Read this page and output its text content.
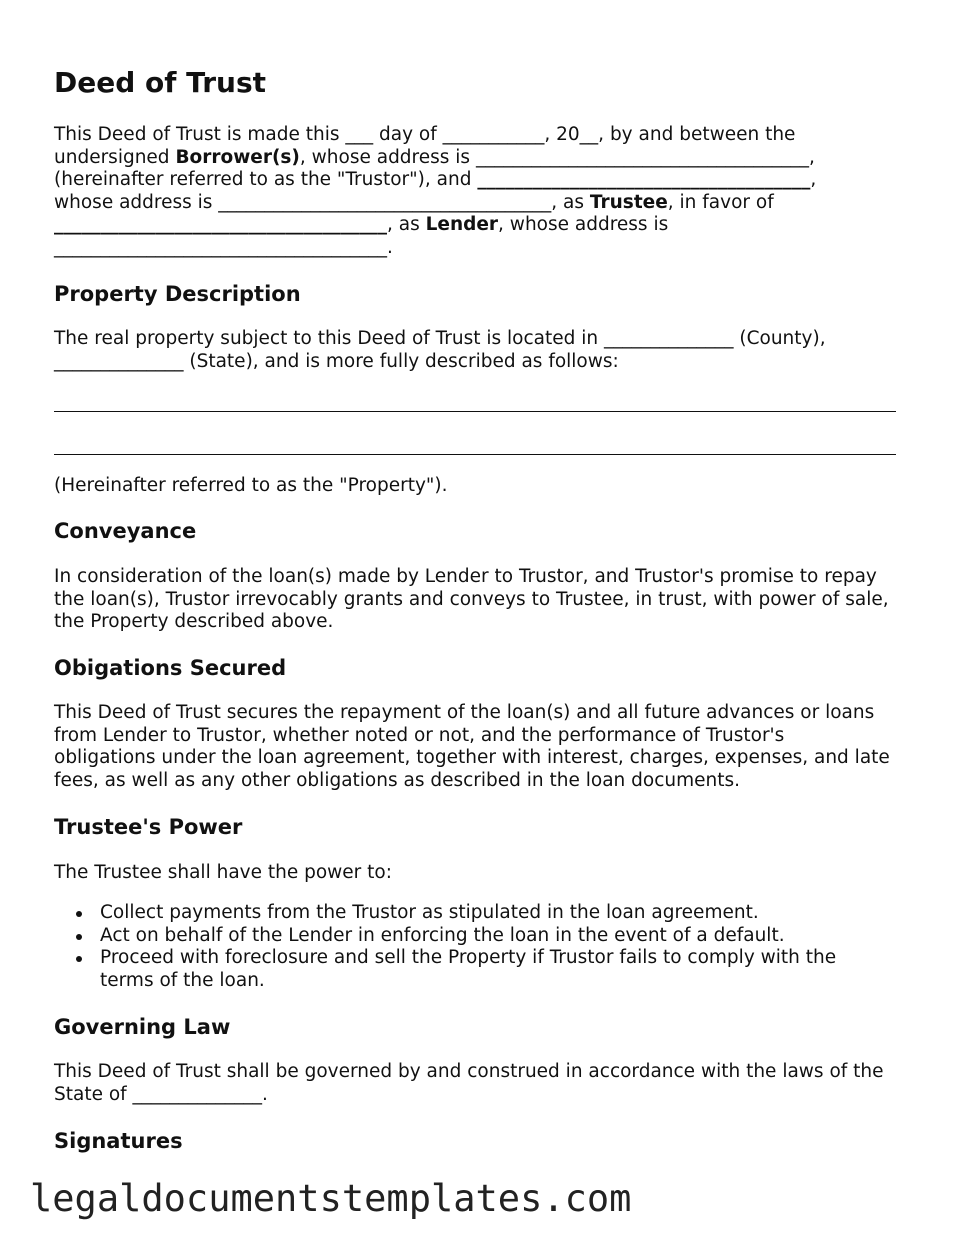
Deed of Trust
This Deed of Trust is made this ___ day of ___________, 20__, by and between the
undersigned Borrower(s), whose address is ____________________________________,
(hereinafter referred to as the "Trustor"), and ____________________________________,
whose address is ____________________________________, as Trustee, in favor of
____________________________________, as Lender, whose address is
____________________________________.
Property Description
The real property subject to this Deed of Trust is located in ______________ (County),
______________ (State), and is more fully described as follows:
(Hereinafter referred to as the "Property").
Conveyance
In consideration of the loan(s) made by Lender to Trustor, and Trustor's promise to repay
the loan(s), Trustor irrevocably grants and conveys to Trustee, in trust, with power of sale,
the Property described above.
Obigations Secured
This Deed of Trust secures the repayment of the loan(s) and all future advances or loans
from Lender to Trustor, whether noted or not, and the performance of Trustor's
obligations under the loan agreement, together with interest, charges, expenses, and late
fees, as well as any other obligations as described in the loan documents.
Trustee's Power
The Trustee shall have the power to:
Collect payments from the Trustor as stipulated in the loan agreement.
Act on behalf of the Lender in enforcing the loan in the event of a default.
Proceed with foreclosure and sell the Property if Trustor fails to comply with the terms of the loan.
Governing Law
This Deed of Trust shall be governed by and construed in accordance with the laws of the
State of ______________.
Signatures
legaldocumentstemplates.com
